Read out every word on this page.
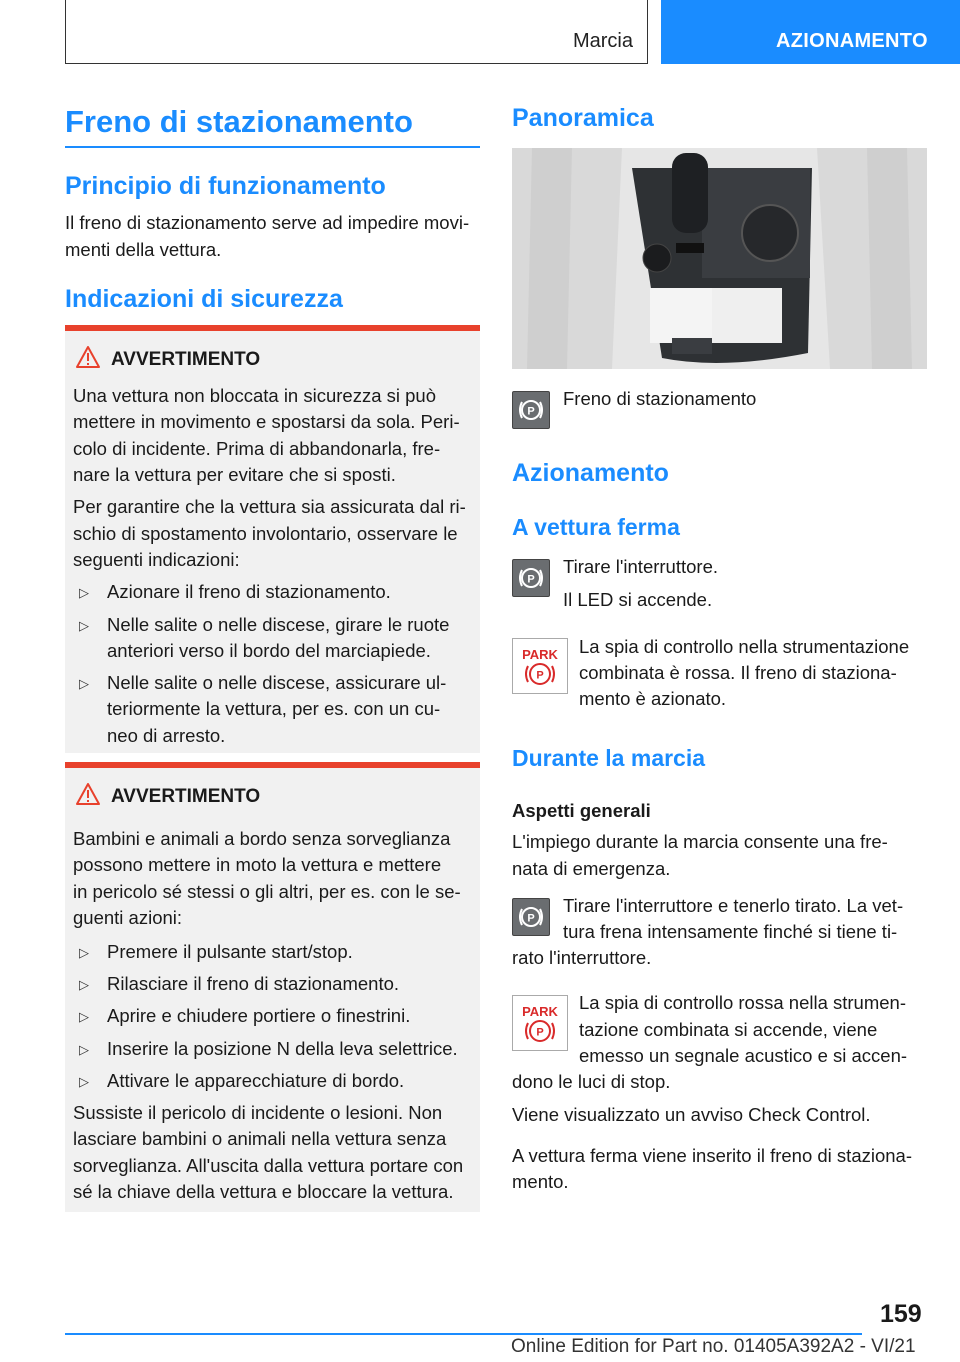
Marcia	AZIONAMENTO
Freno di stazionamento
Principio di funzionamento

Il freno di stazionamento serve ad impedire movi-

menti della vettura.

Indicazioni di sicurezza
AVVERTIMENTO

Una vettura non bloccata in sicurezza si può

mettere in movimento e spostarsi da sola. Peri-

colo di incidente. Prima di abbandonarla, fre-

nare la vettura per evitare che si sposti.

Per garantire che la vettura sia assicurata dal ri-

schio di spostamento involontario, osservare le

seguenti indicazioni:

▷ Azionare il freno di stazionamento.

▷ Nelle salite o nelle discese, girare le ruote

anteriori verso il bordo del marciapiede.

▷ Nelle salite o nelle discese, assicurare ul-

teriormente la vettura, per es. con un cu-

neo di arresto.

AVVERTIMENTO

Bambini e animali a bordo senza sorveglianza

possono mettere in moto la vettura e mettere

in pericolo sé stessi o gli altri, per es. con le se-

guenti azioni:

▷ Premere il pulsante start/stop.

▷ Rilasciare il freno di stazionamento.

▷ Aprire e chiudere portiere o finestrini.

▷ Inserire la posizione N della leva selettrice.

▷ Attivare le apparecchiature di bordo.

Sussiste il pericolo di incidente o lesioni. Non

lasciare bambini o animali nella vettura senza

sorveglianza. All'uscita dalla vettura portare con

sé la chiave della vettura e bloccare la vettura.

Panoramica
P

Freno di stazionamento

Azionamento
A vettura ferma
P

Tirare l'interruttore.

Il LED si accende.

PARK
P

La spia di controllo nella strumentazione

combinata è rossa. Il freno di staziona-

mento è azionato.

Durante la marcia

Aspetti generali

L'impiego durante la marcia consente una fre-

nata di emergenza.

P

Tirare l'interruttore e tenerlo tirato. La vet-

tura frena intensamente finché si tiene ti-

rato l'interruttore.

PARK
P

La spia di controllo rossa nella strumen-

tazione combinata si accende, viene

emesso un segnale acustico e si accen-

dono le luci di stop.

Viene visualizzato un avviso Check Control.

A vettura ferma viene inserito il freno di staziona-

mento.

159
Online Edition for Part no. 01405A392A2 - VI/21
